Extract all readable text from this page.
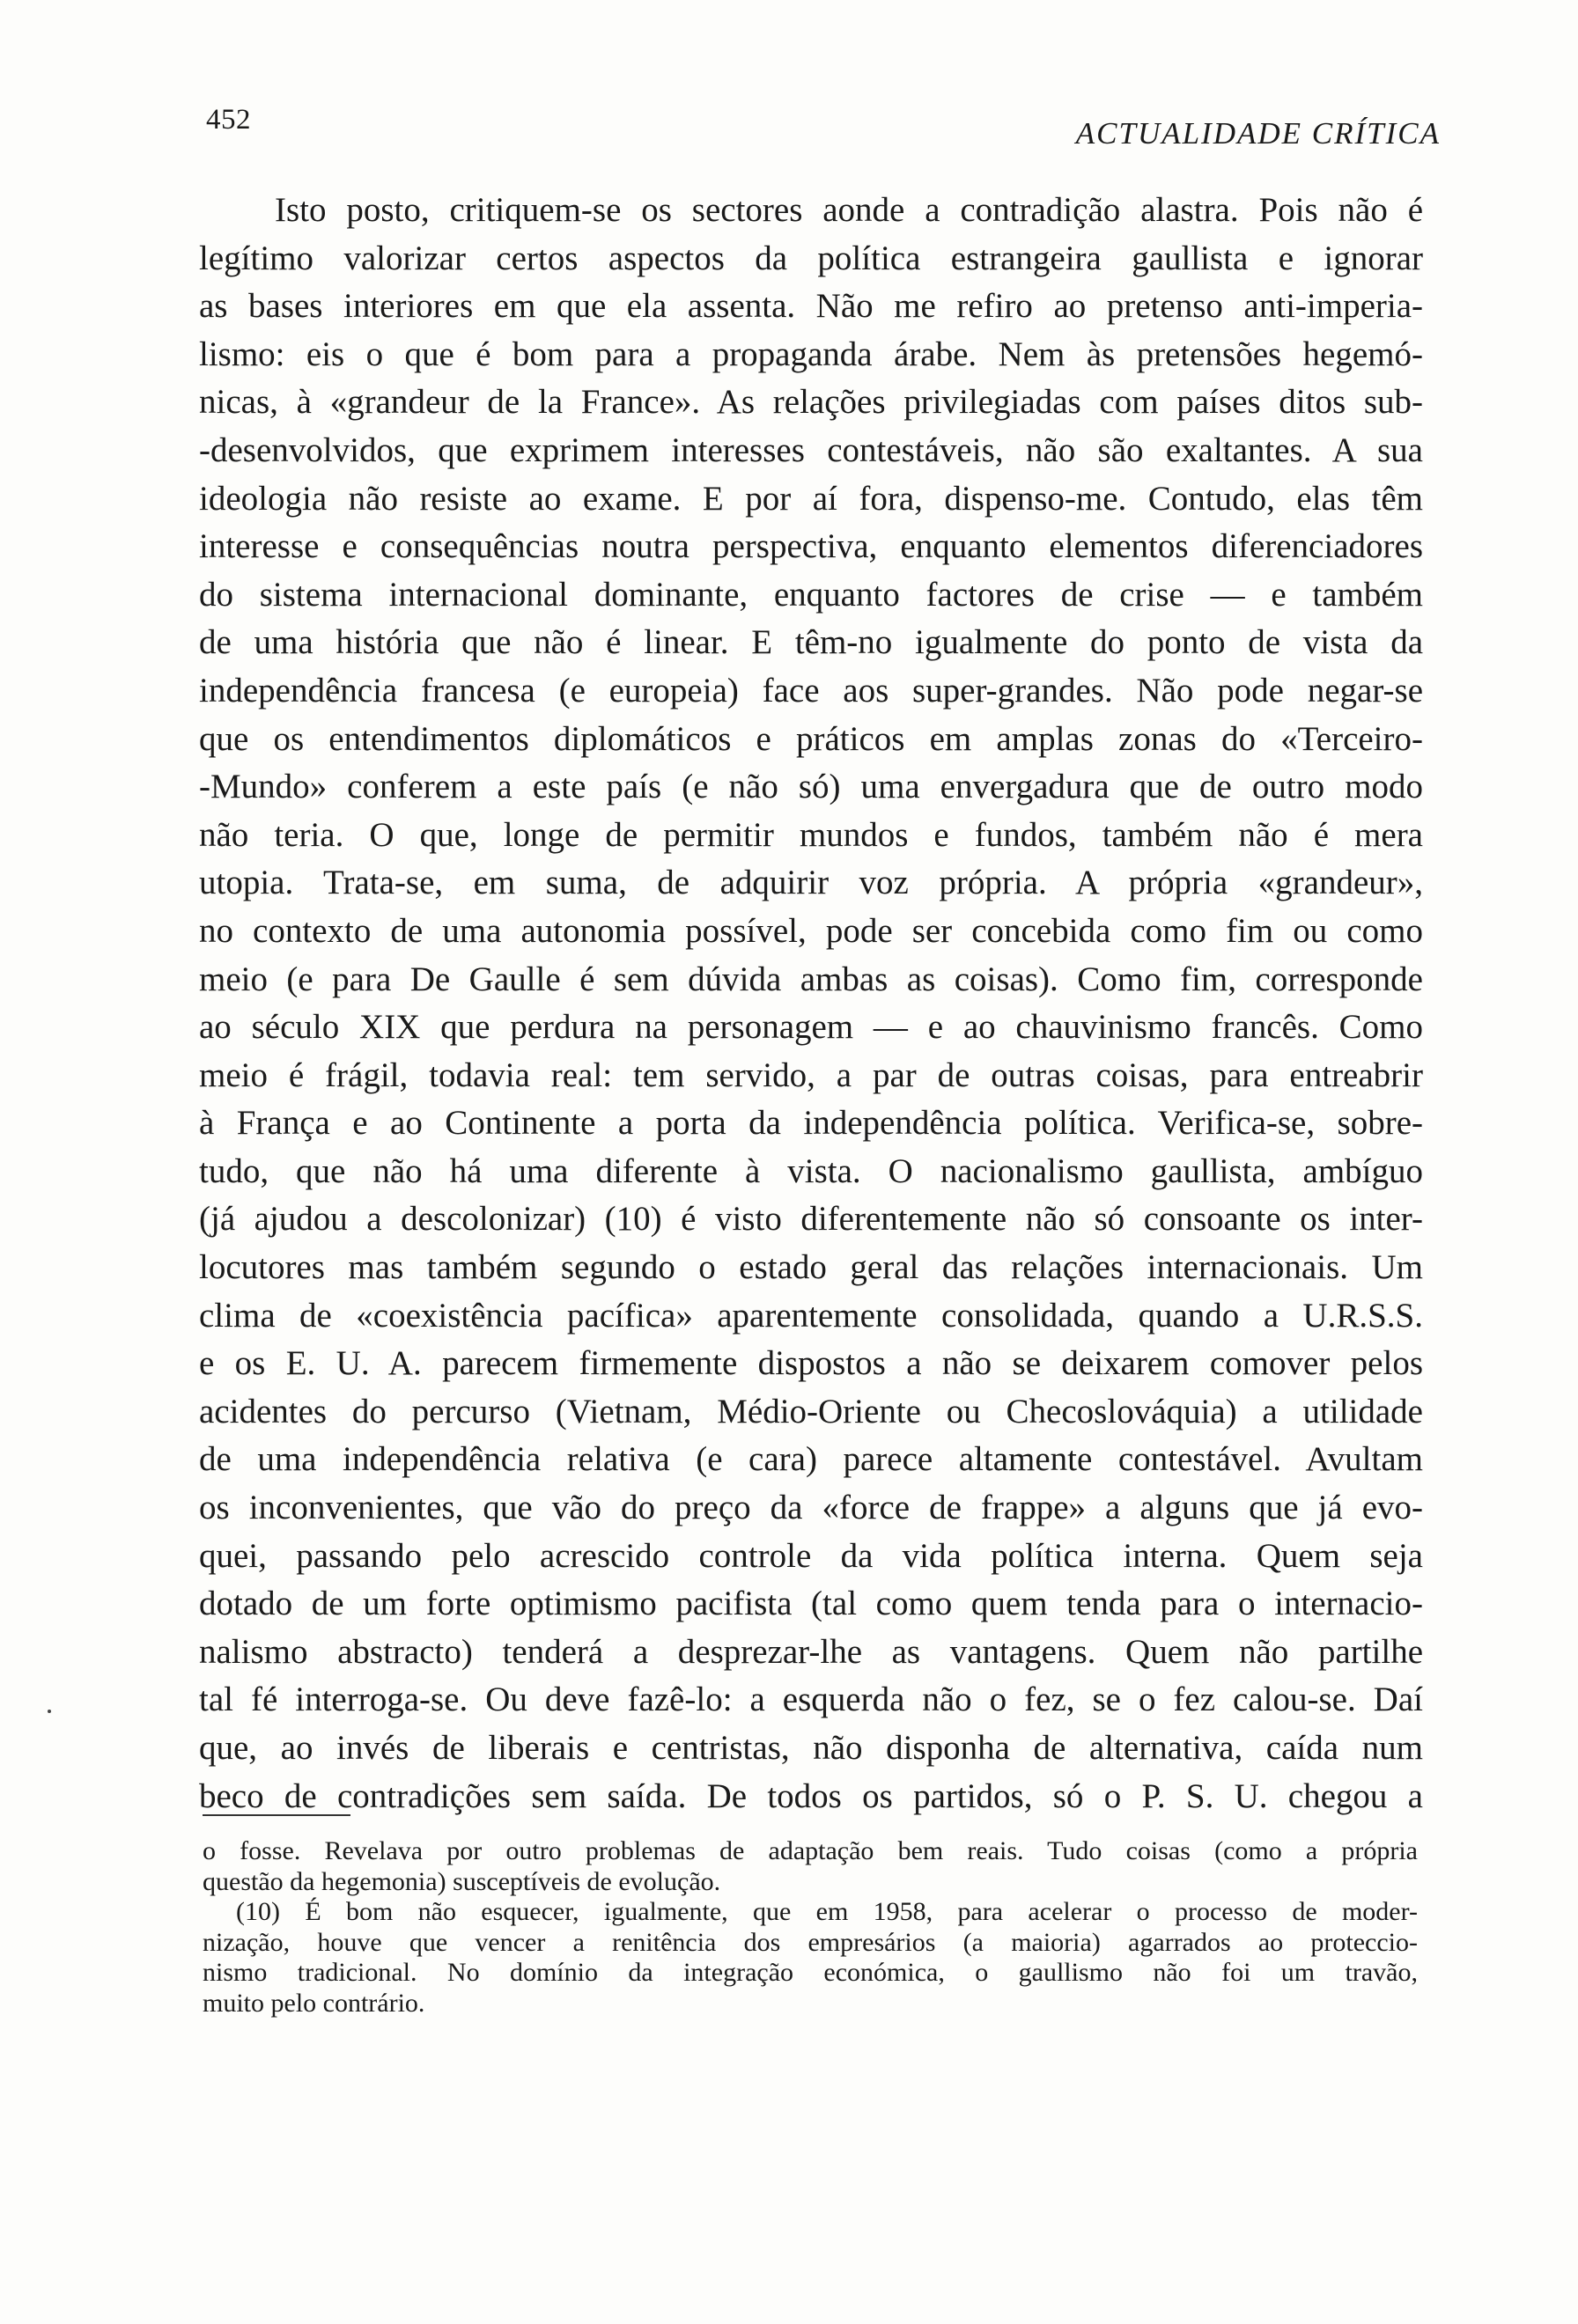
452	ACTUALIDADE CRÍTICA
Isto posto, critiquem-se os sectores aonde a contradição alastra. Pois não é
legítimo valorizar certos aspectos da política estrangeira gaullista e ignorar
as bases interiores em que ela assenta. Não me refiro ao pretenso anti-imperia-
lismo: eis o que é bom para a propaganda árabe. Nem às pretensões hegemó-
nicas, à «grandeur de la France». As relações privilegiadas com países ditos sub-
-desenvolvidos, que exprimem interesses contestáveis, não são exaltantes. A sua
ideologia não resiste ao exame. E por aí fora, dispenso-me. Contudo, elas têm
interesse e consequências noutra perspectiva, enquanto elementos diferenciadores
do sistema internacional dominante, enquanto factores de crise — e também
de uma história que não é linear. E têm-no igualmente do ponto de vista da
independência francesa (e europeia) face aos super-grandes. Não pode negar-se
que os entendimentos diplomáticos e práticos em amplas zonas do «Terceiro-
-Mundo» conferem a este país (e não só) uma envergadura que de outro modo
não teria. O que, longe de permitir mundos e fundos, também não é mera
utopia. Trata-se, em suma, de adquirir voz própria. A própria «grandeur»,
no contexto de uma autonomia possível, pode ser concebida como fim ou como
meio (e para De Gaulle é sem dúvida ambas as coisas). Como fim, corresponde
ao século XIX que perdura na personagem — e ao chauvinismo francês. Como
meio é frágil, todavia real: tem servido, a par de outras coisas, para entreabrir
à França e ao Continente a porta da independência política. Verifica-se, sobre-
tudo, que não há uma diferente à vista. O nacionalismo gaullista, ambíguo
(já ajudou a descolonizar) (10) é visto diferentemente não só consoante os inter-
locutores mas também segundo o estado geral das relações internacionais. Um
clima de «coexistência pacífica» aparentemente consolidada, quando a U.R.S.S.
e os E. U. A. parecem firmemente dispostos a não se deixarem comover pelos
acidentes do percurso (Vietnam, Médio-Oriente ou Checoslováquia) a utilidade
de uma independência relativa (e cara) parece altamente contestável. Avultam
os inconvenientes, que vão do preço da «force de frappe» a alguns que já evo-
quei, passando pelo acrescido controle da vida política interna. Quem seja
dotado de um forte optimismo pacifista (tal como quem tenda para o internacio-
nalismo abstracto) tenderá a desprezar-lhe as vantagens. Quem não partilhe
tal fé interroga-se. Ou deve fazê-lo: a esquerda não o fez, se o fez calou-se. Daí
que, ao invés de liberais e centristas, não disponha de alternativa, caída num
beco de contradições sem saída. De todos os partidos, só o P. S. U. chegou a
o fosse. Revelava por outro problemas de adaptação bem reais. Tudo coisas (como a própria
questão da hegemonia) susceptíveis de evolução.
(10) É bom não esquecer, igualmente, que em 1958, para acelerar o processo de moder-
nização, houve que vencer a renitência dos empresários (a maioria) agarrados ao proteccio-
nismo tradicional. No domínio da integração económica, o gaullismo não foi um travão,
muito pelo contrário.
